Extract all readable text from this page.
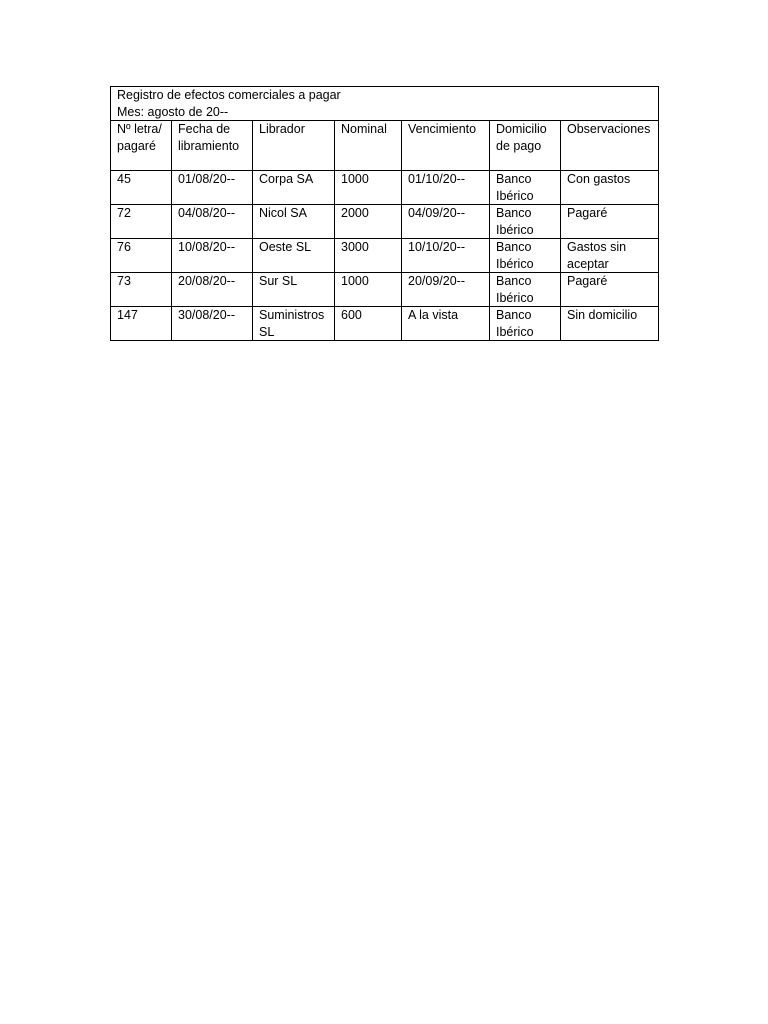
Registro de efectos comerciales a pagar
Mes: agosto de 20--						

Nº letra/ pagaré	Fecha de libramiento	Librador	Nominal	Vencimiento	Domicilio de pago	Observaciones
45	01/08/20--	Corpa SA	1000	01/10/20--	Banco Ibérico	Con gastos
72	04/08/20--	Nicol SA	2000	04/09/20--	Banco Ibérico	Pagaré
76	10/08/20--	Oeste SL	3000	10/10/20--	Banco Ibérico	Gastos sin aceptar
73	20/08/20--	Sur SL	1000	20/09/20--	Banco Ibérico	Pagaré
147	30/08/20--	Suministros SL	600	A la vista	Banco Ibérico	Sin domicilio
